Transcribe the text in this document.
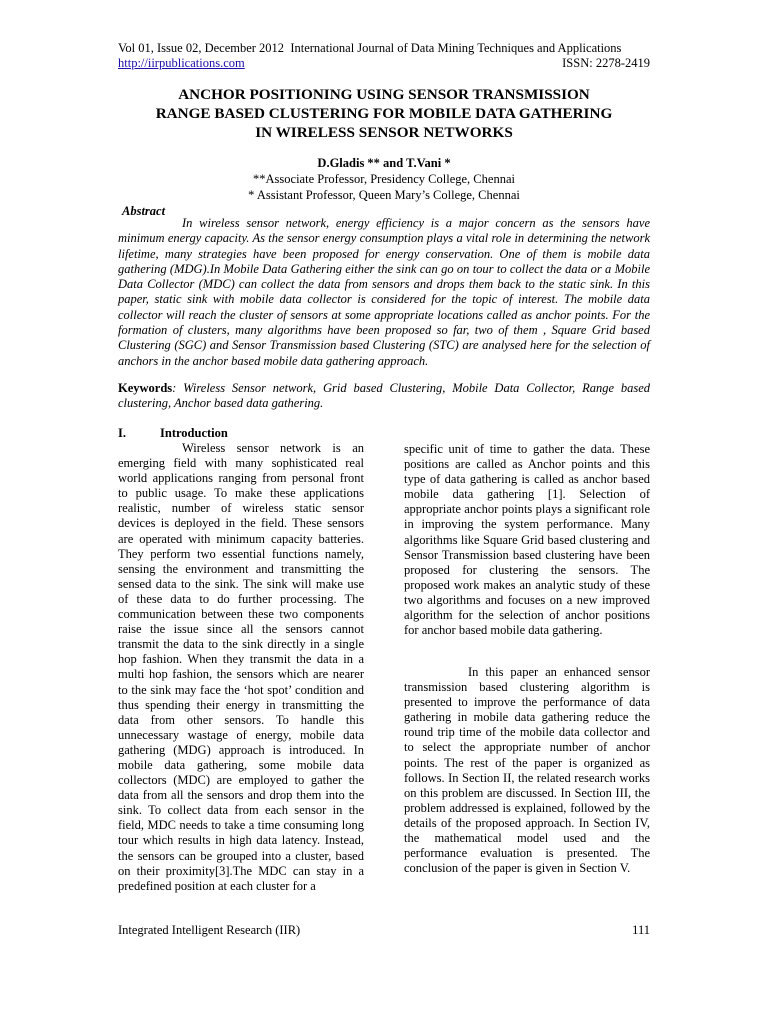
Vol 01, Issue 02, December 2012 International Journal of Data Mining Techniques and Applications
http://iirpublications.com	ISSN: 2278-2419
ANCHOR POSITIONING USING SENSOR TRANSMISSION
RANGE BASED CLUSTERING FOR MOBILE DATA GATHERING
IN WIRELESS SENSOR NETWORKS
D.Gladis ** and T.Vani *
**Associate Professor, Presidency College, Chennai
* Assistant Professor, Queen Mary’s College, Chennai
Abstract

In wireless sensor network, energy efficiency is a major concern as the sensors have minimum energy capacity. As the sensor energy consumption plays a vital role in determining the network lifetime, many strategies have been proposed for energy conservation. One of them is mobile data gathering (MDG).In Mobile Data Gathering either the sink can go on tour to collect the data or a Mobile Data Collector (MDC) can collect the data from sensors and drops them back to the static sink. In this paper, static sink with mobile data collector is considered for the topic of interest. The mobile data collector will reach the cluster of sensors at some appropriate locations called as anchor points. For the formation of clusters, many algorithms have been proposed so far, two of them , Square Grid based Clustering (SGC) and Sensor Transmission based Clustering (STC) are analysed here for the selection of anchors in the anchor based mobile data gathering approach.

Keywords: Wireless Sensor network, Grid based Clustering, Mobile Data Collector, Range based clustering, Anchor based data gathering.

I.	Introduction

Wireless sensor network is an emerging field with many sophisticated real world applications ranging from personal front to public usage. To make these applications realistic, number of wireless static sensor devices is deployed in the field. These sensors are operated with minimum capacity batteries. They perform two essential functions namely, sensing the environment and transmitting the sensed data to the sink. The sink will make use of these data to do further processing. The communication between these two components raise the issue since all the sensors cannot transmit the data to the sink directly in a single hop fashion. When they transmit the data in a multi hop fashion, the sensors which are nearer to the sink may face the ‘hot spot’ condition and thus spending their energy in transmitting the data from other sensors. To handle this unnecessary wastage of energy, mobile data gathering (MDG) approach is introduced. In mobile data gathering, some mobile data collectors (MDC) are employed to gather the data from all the sensors and drop them into the sink. To collect data from each sensor in the field, MDC needs to take a time consuming long tour which results in high data latency. Instead, the sensors can be grouped into a cluster, based on their proximity[3].The MDC can stay in a predefined position at each cluster for a

specific unit of time to gather the data. These positions are called as Anchor points and this type of data gathering is called as anchor based mobile data gathering [1]. Selection of appropriate anchor points plays a significant role in improving the system performance. Many algorithms like Square Grid based clustering and Sensor Transmission based clustering have been proposed for clustering the sensors. The proposed work makes an analytic study of these two algorithms and focuses on a new improved algorithm for the selection of anchor positions for anchor based mobile data gathering.

In this paper an enhanced sensor transmission based clustering algorithm is presented to improve the performance of data gathering in mobile data gathering reduce the round trip time of the mobile data collector and to select the appropriate number of anchor points. The rest of the paper is organized as follows. In Section II, the related research works on this problem are discussed. In Section III, the problem addressed is explained, followed by the details of the proposed approach. In Section IV, the mathematical model used and the performance evaluation is presented. The conclusion of the paper is given in Section V.

Integrated Intelligent Research (IIR)	111
